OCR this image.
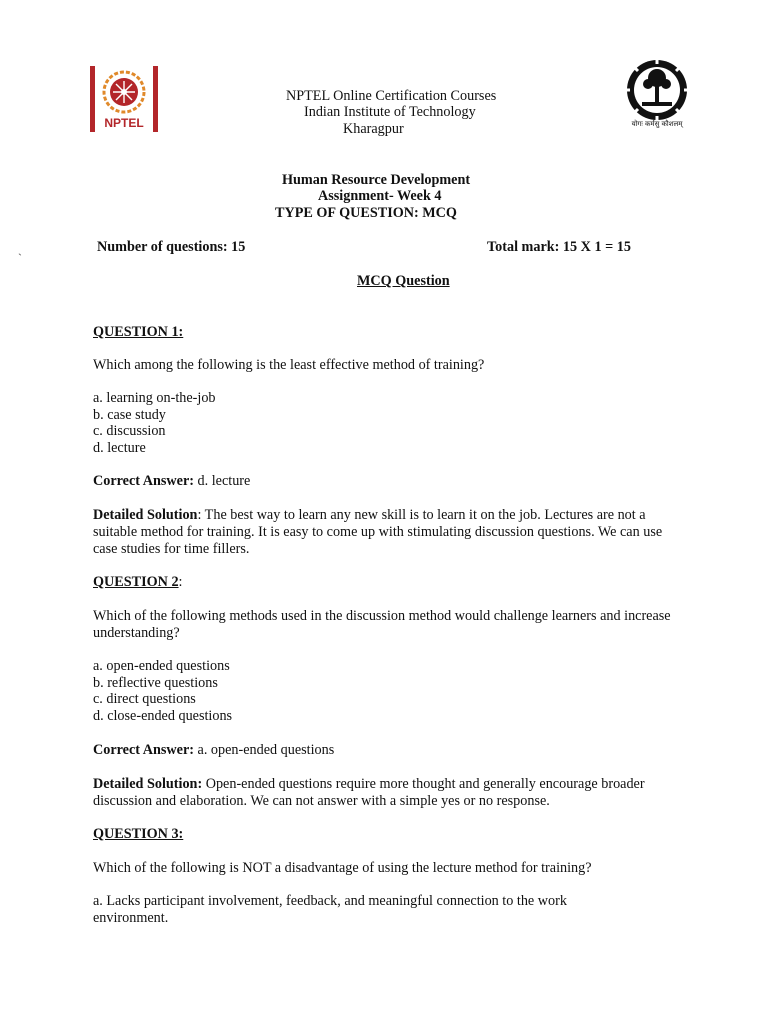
NPTEL	योगः कर्मसु कौशलम्
NPTEL Online Certification Courses
Indian Institute of Technology
Kharagpur
Human Resource Development
Assignment- Week 4
TYPE OF QUESTION: MCQ
`
Number of questions: 15	Total mark: 15 X 1 = 15
MCQ Question
QUESTION 1:
Which among the following is the least effective method of training?
a. learning on-the-job
b. case study
c. discussion
d. lecture
Correct Answer: d. lecture
Detailed Solution: The best way to learn any new skill is to learn it on the job. Lectures are not a suitable method for training. It is easy to come up with stimulating discussion questions. We can use case studies for time fillers.
QUESTION 2:
Which of the following methods used in the discussion method would challenge learners and increase understanding?
a. open-ended questions
b. reflective questions
c. direct questions
d. close-ended questions
Correct Answer: a. open-ended questions
Detailed Solution: Open-ended questions require more thought and generally encourage broader discussion and elaboration. We can not answer with a simple yes or no response.
QUESTION 3:
Which of the following is NOT a disadvantage of using the lecture method for training?
a. Lacks participant involvement, feedback, and meaningful connection to the work environment.
